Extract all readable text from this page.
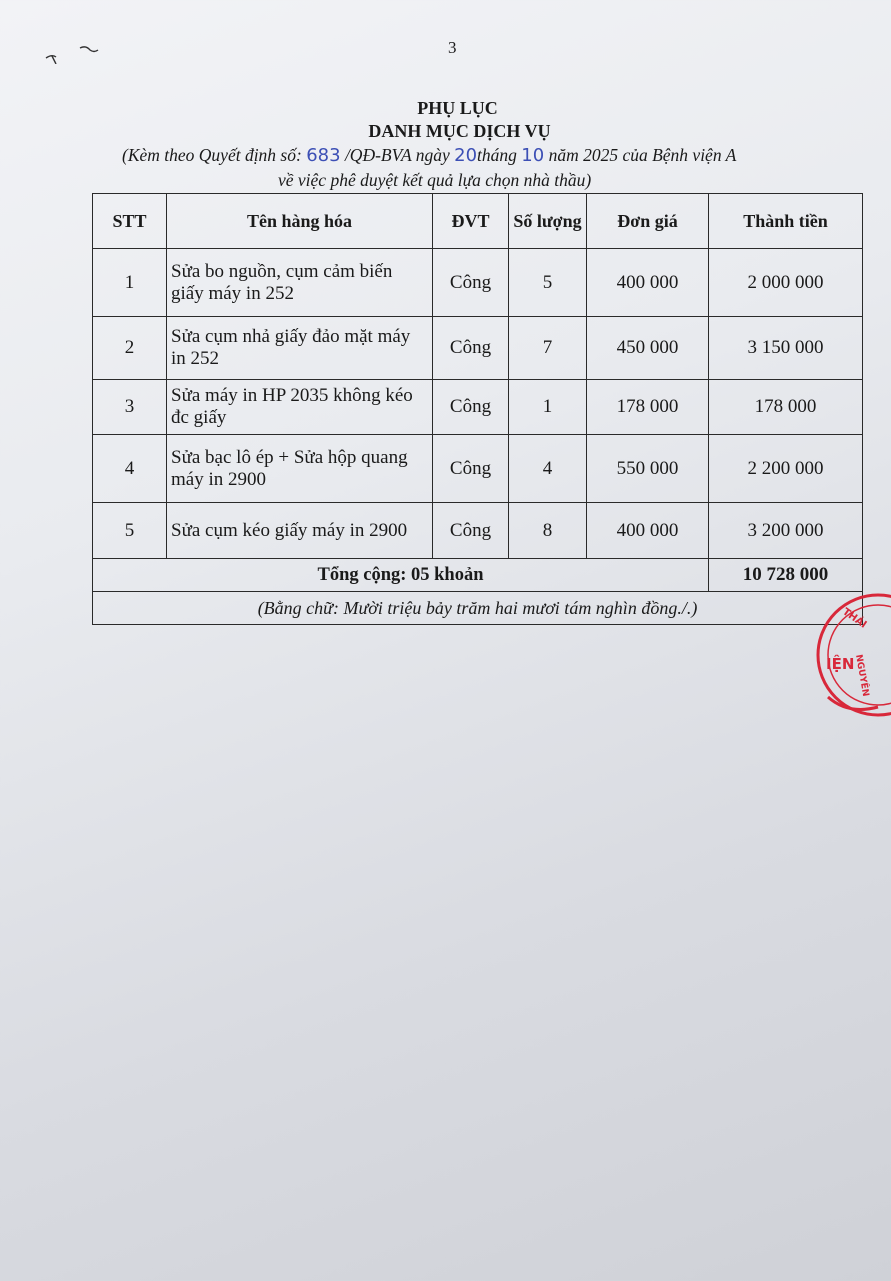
3
PHỤ LỤC
DANH MỤC DỊCH VỤ
(Kèm theo Quyết định số: 683 /QĐ-BVA ngày 20tháng 10 năm 2025 của Bệnh viện A
về việc phê duyệt kết quả lựa chọn nhà thầu)
STT	Tên hàng hóa	ĐVT	Số lượng	Đơn giá	Thành tiền
1	Sửa bo nguồn, cụm cảm biến giấy máy in 252	Công	5	400 000	2 000 000
2	Sửa cụm nhả giấy đảo mặt máy in 252	Công	7	450 000	3 150 000
3	Sửa máy in HP 2035 không kéo đc giấy	Công	1	178 000	178 000
4	Sửa bạc lô ép + Sửa hộp quang máy in 2900	Công	4	550 000	2 200 000
5	Sửa cụm kéo giấy máy in 2900	Công	8	400 000	3 200 000
Tổng cộng: 05 khoản					10 728 000
(Bằng chữ: Mười triệu bảy trăm hai mươi tám nghìn đồng./.)						THÁI
IỆN
NGUYÊN
